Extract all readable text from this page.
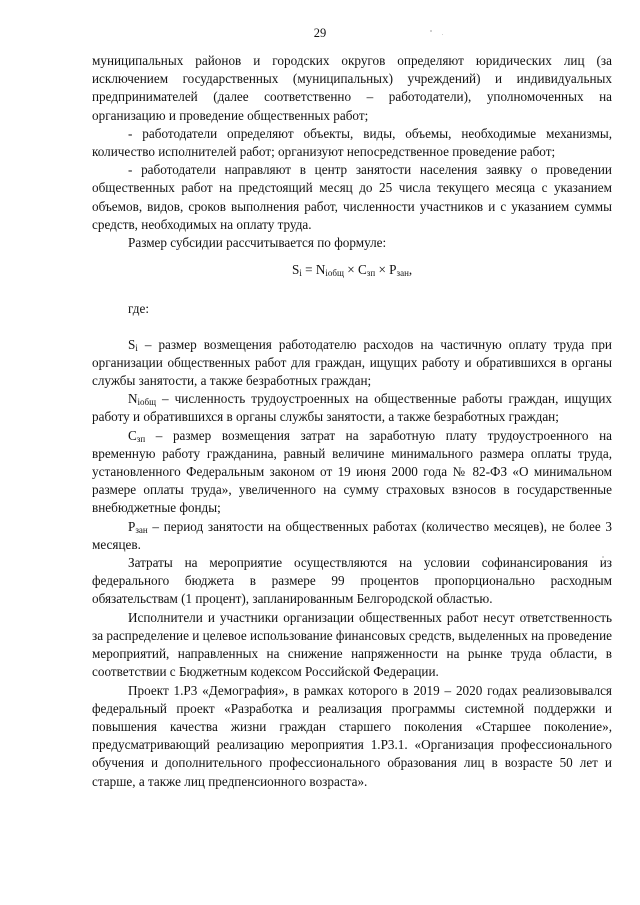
29

муниципальных районов и городских округов определяют юридических лиц (за исключением государственных (муниципальных) учреждений) и индивидуальных предпринимателей (далее соответственно – работодатели), уполномоченных на организацию и проведение общественных работ;

- работодатели определяют объекты, виды, объемы, необходимые механизмы, количество исполнителей работ; организуют непосредственное проведение работ;

- работодатели направляют в центр занятости населения заявку о проведении общественных работ на предстоящий месяц до 25 числа текущего месяца с указанием объемов, видов, сроков выполнения работ, численности участников и с указанием суммы средств, необходимых на оплату труда.

Размер субсидии рассчитывается по формуле:

$S_i = N_{iобщ} \times C_{зп} \times P_{зан}$,

где:

$S_i$ – размер возмещения работодателю расходов на частичную оплату труда при организации общественных работ для граждан, ищущих работу и обратившихся в органы службы занятости, а также безработных граждан;

$N_{iобщ}$ – численность трудоустроенных на общественные работы граждан, ищущих работу и обратившихся в органы службы занятости, а также безработных граждан;

$C_{зп}$ – размер возмещения затрат на заработную плату трудоустроенного на временную работу гражданина, равный величине минимального размера оплаты труда, установленного Федеральным законом от 19 июня 2000 года № 82-ФЗ «О минимальном размере оплаты труда», увеличенного на сумму страховых взносов в государственные внебюджетные фонды;

$P_{зан}$ – период занятости на общественных работах (количество месяцев), не более 3 месяцев.

Затраты на мероприятие осуществляются на условии софинансирования из федерального бюджета в размере 99 процентов пропорционально расходным обязательствам (1 процент), запланированным Белгородской областью.

Исполнители и участники организации общественных работ несут ответственность за распределение и целевое использование финансовых средств, выделенных на проведение мероприятий, направленных на снижение напряженности на рынке труда области, в соответствии с Бюджетным кодексом Российской Федерации.

Проект 1.Р3 «Демография», в рамках которого в 2019 – 2020 годах реализовывался федеральный проект «Разработка и реализация программы системной поддержки и повышения качества жизни граждан старшего поколения «Старшее поколение», предусматривающий реализацию мероприятия 1.Р3.1. «Организация профессионального обучения и дополнительного профессионального образования лиц в возрасте 50 лет и старше, а также лиц предпенсионного возраста».
